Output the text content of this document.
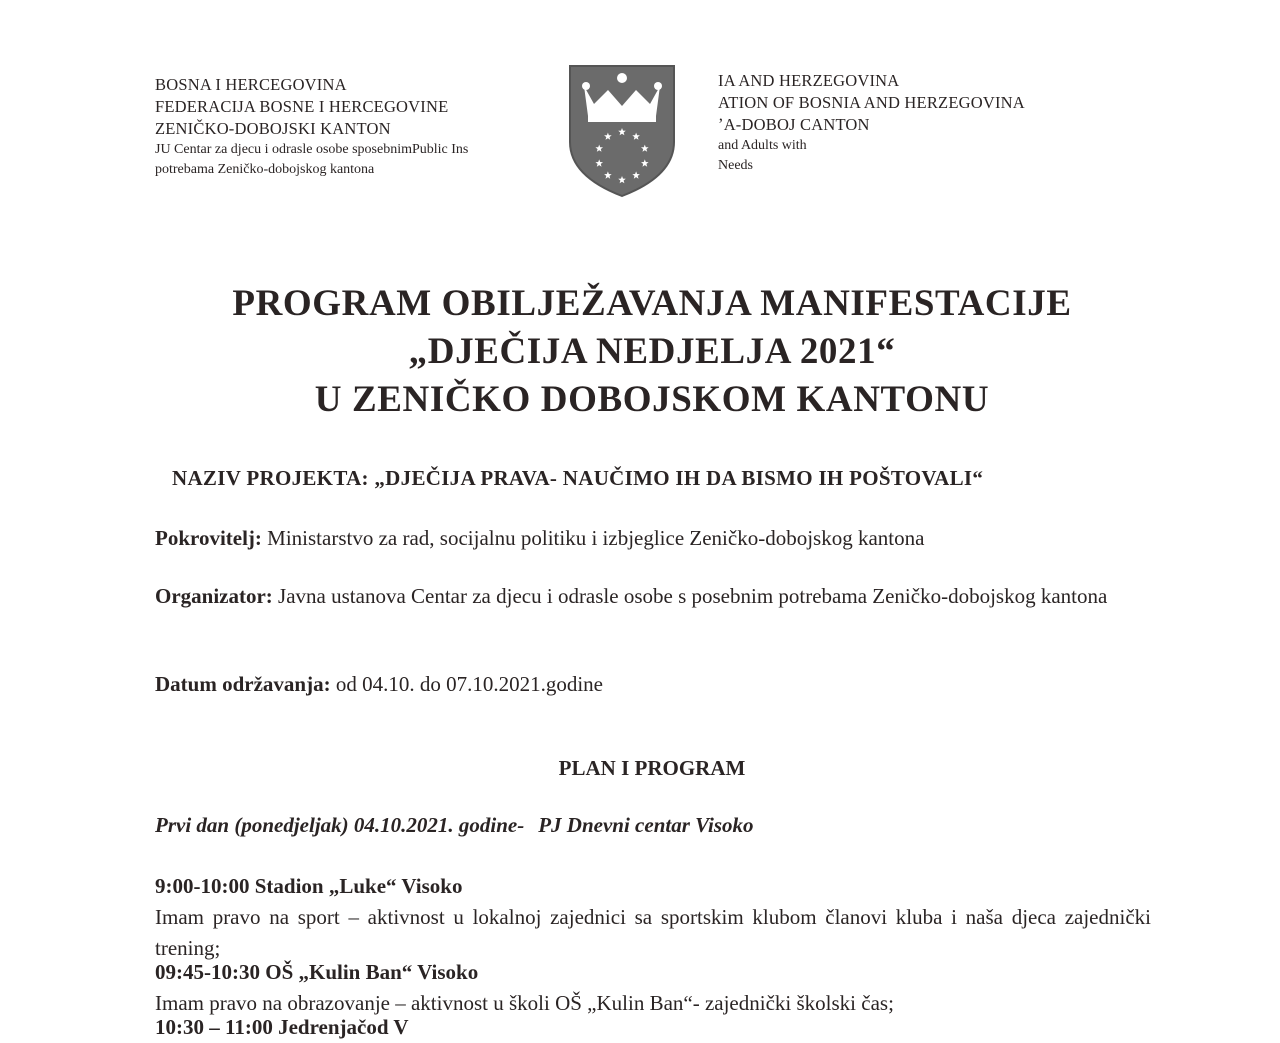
BOSNA I HERCEGOVINA
FEDERACIJA BOSNE I HERCEGOVINE
ZENIČKO-DOBOJSKI KANTON
JU Centar za djecu i odrasle osobe sposebnimPublic Ins
potrebama Zeničko-dobojskog kantona
IA AND HERZEGOVINA
ATION OF BOSNIA AND HERZEGOVINA
ʼA-DOBOJ CANTON
and Adults with
Needs
PROGRAM OBILJEŽAVANJA MANIFESTACIJE
„DJEČIJA NEDJELJA 2021“
U ZENIČKO DOBOJSKOM KANTONU
NAZIV PROJEKTA: „DJEČIJA PRAVA- NAUČIMO IH DA BISMO IH POŠTOVALI“
Pokrovitelj: Ministarstvo za rad, socijalnu politiku i izbjeglice Zeničko-dobojskog kantona
Organizator: Javna ustanova Centar za djecu i odrasle osobe s posebnim potrebama Zeničko-dobojskog kantona
Datum održavanja: od 04.10. do 07.10.2021.godine
PLAN I PROGRAM
Prvi dan (ponedjeljak) 04.10.2021. godine- PJ Dnevni centar Visoko
9:00-10:00 Stadion „Luke“ Visoko
Imam pravo na sport – aktivnost u lokalnoj zajednici sa sportskim klubom članovi kluba i naša djeca zajednički trening;
09:45-10:30 OŠ „Kulin Ban“ Visoko
Imam pravo na obrazovanje – aktivnost u školi OŠ „Kulin Ban“- zajednički školski čas;
10:30 – 11:00 Jedrenjačod V
